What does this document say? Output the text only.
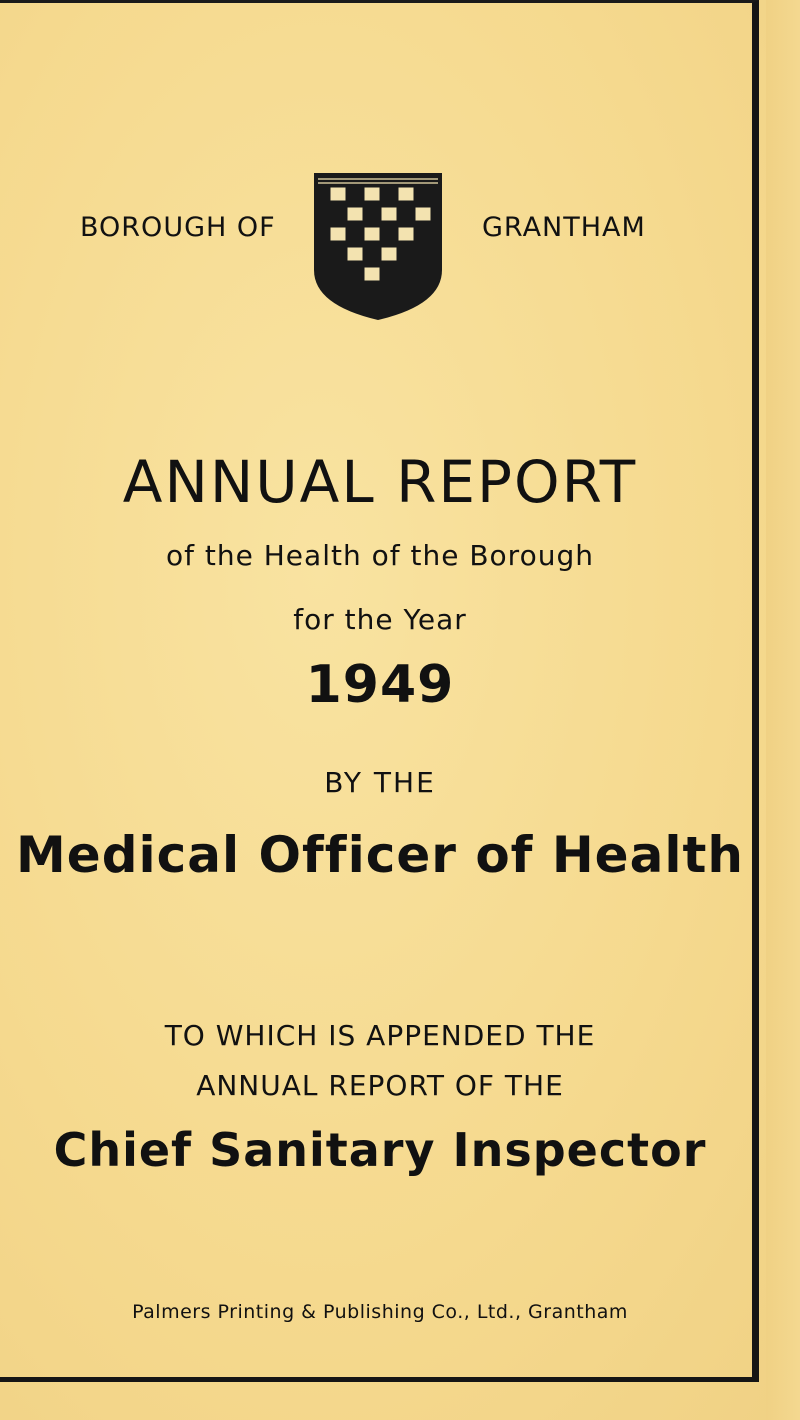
BOROUGH OF	GRANTHAM
ANNUAL REPORT

of the Health of the Borough

for the Year

1949

BY THE

Medical Officer of Health

TO WHICH IS APPENDED THE

ANNUAL REPORT OF THE

Chief Sanitary Inspector

Palmers Printing & Publishing Co., Ltd., Grantham
